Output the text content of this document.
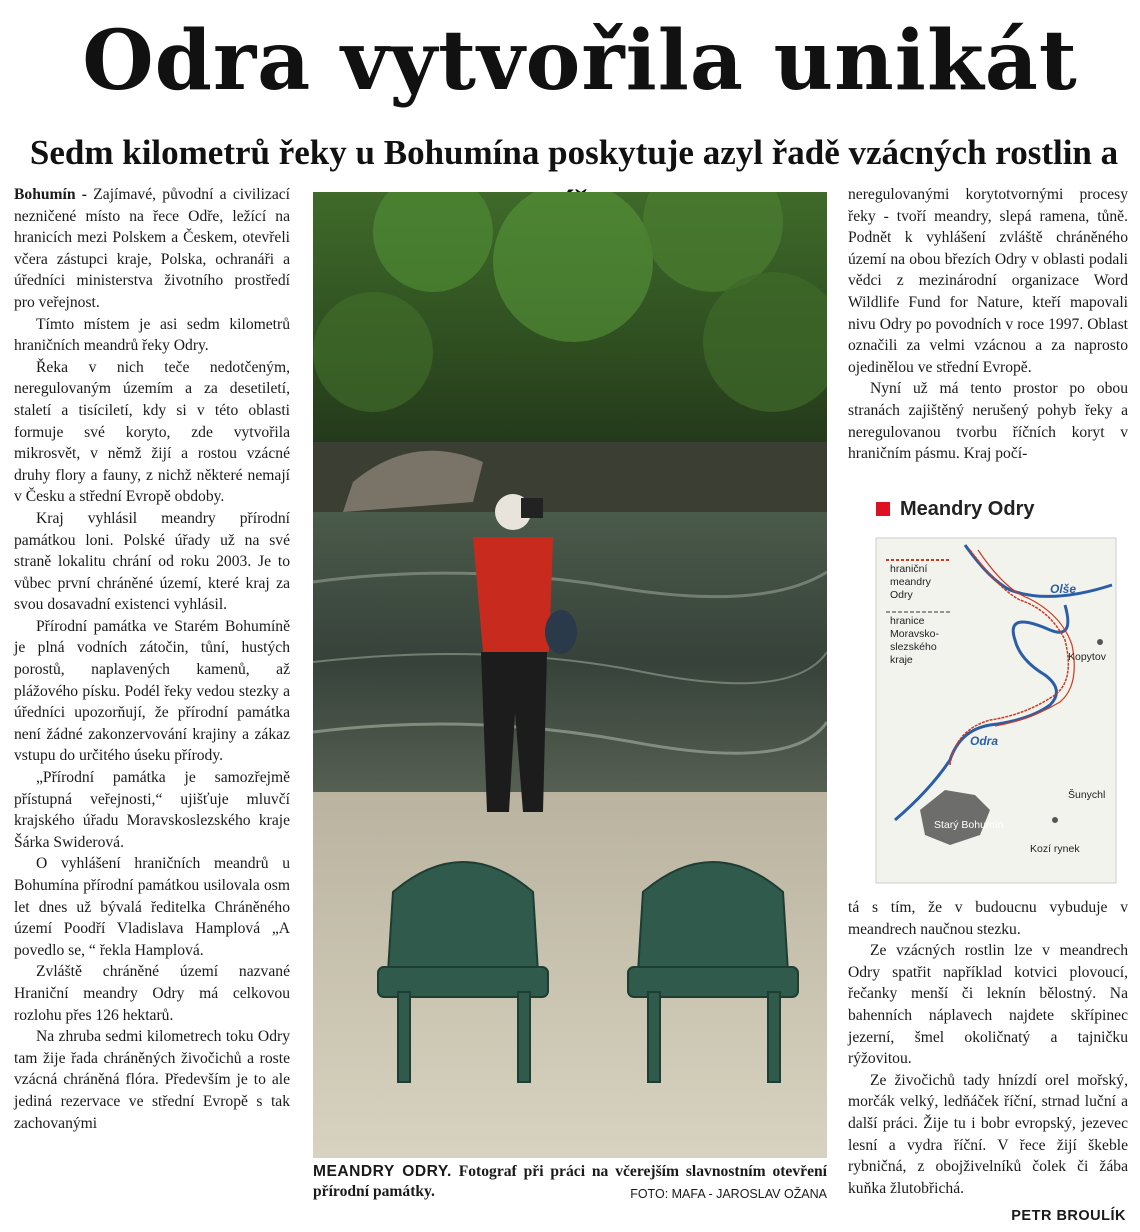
Odra vytvořila unikát
Sedm kilometrů řeky u Bohumína poskytuje azyl řadě vzácných rostlin a

Bohumín - Zajímavé, původní a civilizací nezničené místo na řece Odře, ležící na hranicích mezi Polskem a Českem, otevřeli včera zástupci kraje, Polska, ochranáři a úředníci ministerstva životního prostředí pro veřejnost.

Tímto místem je asi sedm kilometrů hraničních meandrů řeky Odry.

Řeka v nich teče nedotčeným, neregulovaným územím a za desetiletí, staletí a tisíciletí, kdy si v této oblasti formuje své koryto, zde vytvořila mikrosvět, v němž žijí a rostou vzácné druhy flory a fauny, z nichž některé nemají v Česku a střední Evropě obdoby.

Kraj vyhlásil meandry přírodní památkou loni. Polské úřady už na své straně lokalitu chrání od roku 2003. Je to vůbec první chráněné území, které kraj za svou dosavadní existenci vyhlásil.

Přírodní památka ve Starém Bohumíně je plná vodních zátočin, tůní, hustých porostů, naplavených kamenů, až plážového písku. Podél řeky vedou stezky a úředníci upozorňují, že přírodní památka není žádné zakonzervování krajiny a zákaz vstupu do určitého úseku přírody.

„Přírodní památka je samozřejmě přístupná veřejnosti,“ ujišťuje mluvčí krajského úřadu Moravskoslezského kraje Šárka Swiderová.

O vyhlášení hraničních meandrů u Bohumína přírodní památkou usilovala osm let dnes už bývalá ředitelka Chráněného území Poodří Vladislava Hamplová „A povedlo se, “ řekla Hamplová.

Zvláště chráněné území nazvané Hraniční meandry Odry má celkovou rozlohu přes 126 hektarů.

Na zhruba sedmi kilometrech toku Odry tam žije řada chráněných živočichů a roste vzácná chráněná flóra. Především je to ale jediná rezervace ve střední Evropě s tak zachovanými

MEANDRY ODRY. Fotograf při práci na včerejším slavnostním otevření přírodní památky.	FOTO: MAFA - JAROSLAV OŽANA

neregulovanými korytotvornými procesy řeky - tvoří meandry, slepá ramena, tůně. Podnět k vyhlášení zvláště chráněného území na obou březích Odry v oblasti podali vědci z mezinárodní organizace Word Wildlife Fund for Nature, kteří mapovali nivu Odry po povodních v roce 1997. Oblast označili za velmi vzácnou a za naprosto ojedinělou ve střední Evropě.

Nyní už má tento prostor po obou stranách zajištěný nerušený pohyb řeky a neregulovanou tvorbu říčních koryt v hraničním pásmu. Kraj počí-

Meandry Odry
hraniční
meandry
Odry
hranice
Moravsko-
slezského
kraje
Olše
Odra
Kopytov
Šunychl
Starý Bohumín
Kozí rynek

tá s tím, že v budoucnu vybuduje v meandrech naučnou stezku.

Ze vzácných rostlin lze v meandrech Odry spatřit například kotvici plovoucí, řečanky menší či leknín bělostný. Na bahenních náplavech najdete skřípinec jezerní, šmel okoličnatý a tajničku rýžovitou.

Ze živočichů tady hnízdí orel mořský, morčák velký, ledňáček říční, strnad luční a další práci. Žije tu i bobr evropský, jezevec lesní a vydra říční. V řece žijí škeble rybničná, z obojživelníků čolek či žába kuňka žlutobřichá.

PETR BROULÍK
